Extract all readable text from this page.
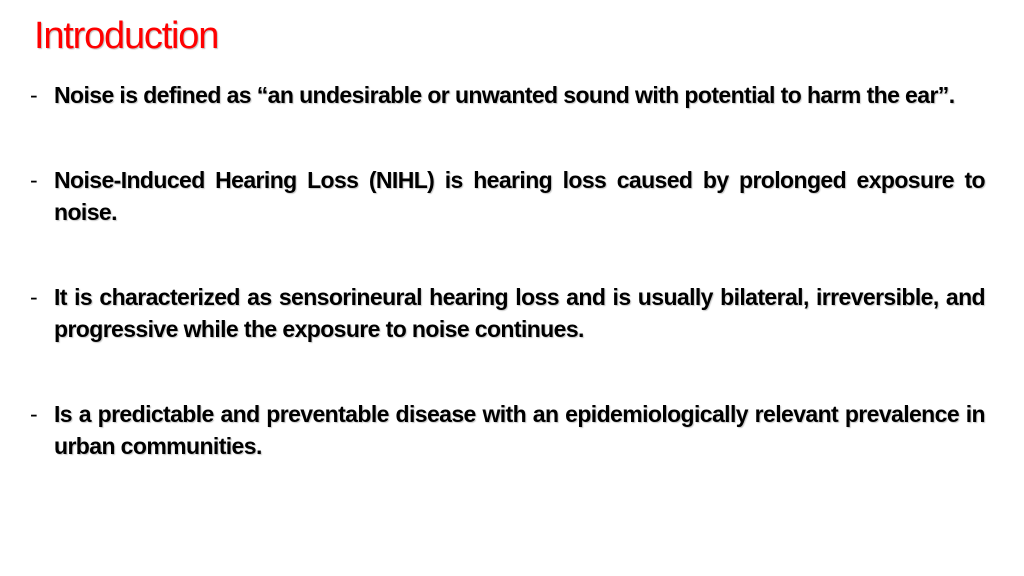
Introduction
- Noise is defined as “an undesirable or unwanted sound with potential to harm the ear”.
- Noise-Induced Hearing Loss (NIHL) is hearing loss caused by prolonged exposure to noise.
- It is characterized as sensorineural hearing loss and is usually bilateral, irreversible, and progressive while the exposure to noise continues.
- Is a predictable and preventable disease with an epidemiologically relevant prevalence in urban communities.
